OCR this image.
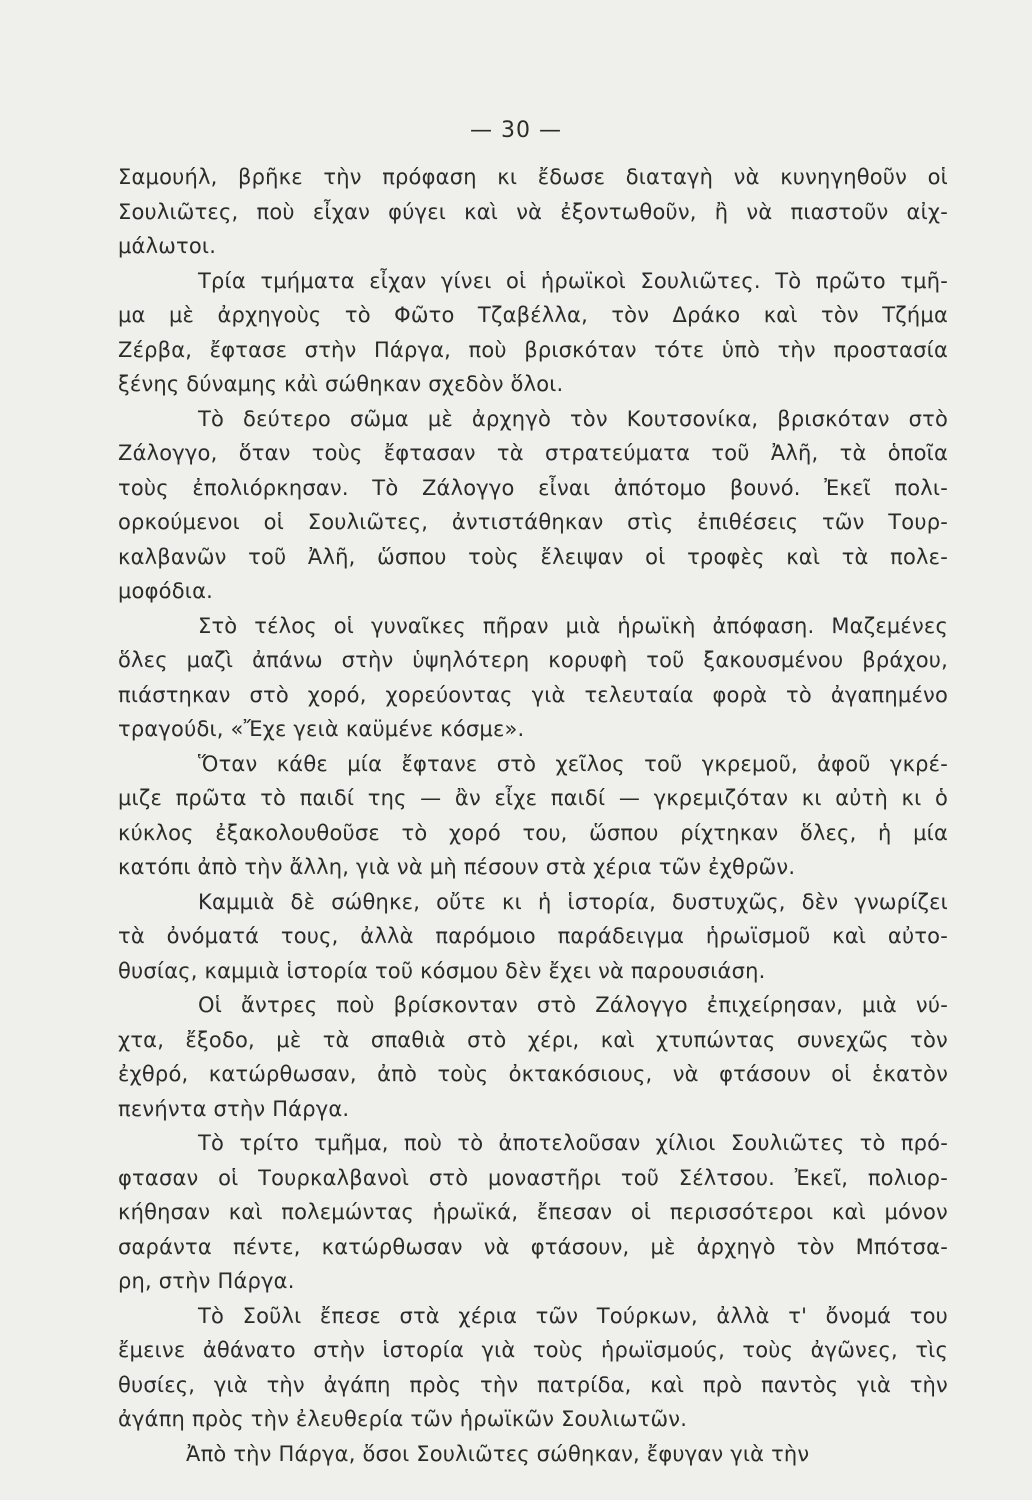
— 30 —
Σαμουήλ, βρῆκε τὴν πρόφαση κι ἔδωσε διαταγὴ νὰ κυνηγηθοῦν οἱ
Σουλιῶτες, ποὺ εἶχαν φύγει καὶ νὰ ἐξοντωθοῦν, ἢ νὰ πιαστοῦν αἰχ-
μάλωτοι.
Τρία τμήματα εἶχαν γίνει οἱ ἡρωϊκοὶ Σουλιῶτες. Τὸ πρῶτο τμῆ-
μα μὲ ἀρχηγοὺς τὸ Φῶτο Τζαβέλλα, τὸν Δράκο καὶ τὸν Τζήμα
Ζέρβα, ἔφτασε στὴν Πάργα, ποὺ βρισκόταν τότε ὑπὸ τὴν προστασία
ξένης δύναμης κἀὶ σώθηκαν σχεδὸν ὅλοι.
Τὸ δεύτερο σῶμα μὲ ἀρχηγὸ τὸν Κουτσονίκα, βρισκόταν στὸ
Ζάλογγο, ὅταν τοὺς ἔφτασαν τὰ στρατεύματα τοῦ Ἀλῆ, τὰ ὁποῖα
τοὺς ἐπολιόρκησαν. Τὸ Ζάλογγο εἶναι ἀπότομο βουνό. Ἐκεῖ πολι-
ορκούμενοι οἱ Σουλιῶτες, ἀντιστάθηκαν στὶς ἐπιθέσεις τῶν Τουρ-
καλβανῶν τοῦ Ἀλῆ, ὥσπου τοὺς ἔλειψαν οἱ τροφὲς καὶ τὰ πολε-
μοφόδια.
Στὸ τέλος οἱ γυναῖκες πῆραν μιὰ ἡρωϊκὴ ἀπόφαση. Μαζεμένες
ὅλες μαζὶ ἀπάνω στὴν ὑψηλότερη κορυφὴ τοῦ ξακουσμένου βράχου,
πιάστηκαν στὸ χορό, χορεύοντας γιὰ τελευταία φορὰ τὸ ἀγαπημένο
τραγούδι, «Ἔχε γειὰ καϋμένε κόσμε».
Ὅταν κάθε μία ἔφτανε στὸ χεῖλος τοῦ γκρεμοῦ, ἀφοῦ γκρέ-
μιζε πρῶτα τὸ παιδί της — ἂν εἶχε παιδί — γκρεμιζόταν κι αὐτὴ κι ὁ
κύκλος ἐξακολουθοῦσε τὸ χορό του, ὥσπου ρίχτηκαν ὅλες, ἡ μία
κατόπι ἀπὸ τὴν ἄλλη, γιὰ νὰ μὴ πέσουν στὰ χέρια τῶν ἐχθρῶν.
Καμμιὰ δὲ σώθηκε, οὔτε κι ἡ ἱστορία, δυστυχῶς, δὲν γνωρίζει
τὰ ὀνόματά τους, ἀλλὰ παρόμοιο παράδειγμα ἡρωϊσμοῦ καὶ αὐτο-
θυσίας, καμμιὰ ἱστορία τοῦ κόσμου δὲν ἔχει νὰ παρουσιάση.
Οἱ ἄντρες ποὺ βρίσκονταν στὸ Ζάλογγο ἐπιχείρησαν, μιὰ νύ-
χτα, ἔξοδο, μὲ τὰ σπαθιὰ στὸ χέρι, καὶ χτυπώντας συνεχῶς τὸν
ἐχθρό, κατώρθωσαν, ἀπὸ τοὺς ὀκτακόσιους, νὰ φτάσουν οἱ ἑκατὸν
πενήντα στὴν Πάργα.
Τὸ τρίτο τμῆμα, ποὺ τὸ ἀποτελοῦσαν χίλιοι Σουλιῶτες τὸ πρό-
φτασαν οἱ Τουρκαλβανοὶ στὸ μοναστῆρι τοῦ Σέλτσου. Ἐκεῖ, πολιορ-
κήθησαν καὶ πολεμώντας ἡρωϊκά, ἔπεσαν οἱ περισσότεροι καὶ μόνον
σαράντα πέντε, κατώρθωσαν νὰ φτάσουν, μὲ ἀρχηγὸ τὸν Μπότσα-
ρη, στὴν Πάργα.
Τὸ Σοῦλι ἔπεσε στὰ χέρια τῶν Τούρκων, ἀλλὰ τ' ὄνομά του
ἔμεινε ἀθάνατο στὴν ἱστορία γιὰ τοὺς ἡρωϊσμούς, τοὺς ἀγῶνες, τὶς
θυσίες, γιὰ τὴν ἀγάπη πρὸς τὴν πατρίδα, καὶ πρὸ παντὸς γιὰ τὴν
ἀγάπη πρὸς τὴν ἐλευθερία τῶν ἡρωϊκῶν Σουλιωτῶν.
Ἀπὸ τὴν Πάργα, ὅσοι Σουλιῶτες σώθηκαν, ἔφυγαν γιὰ τὴν
